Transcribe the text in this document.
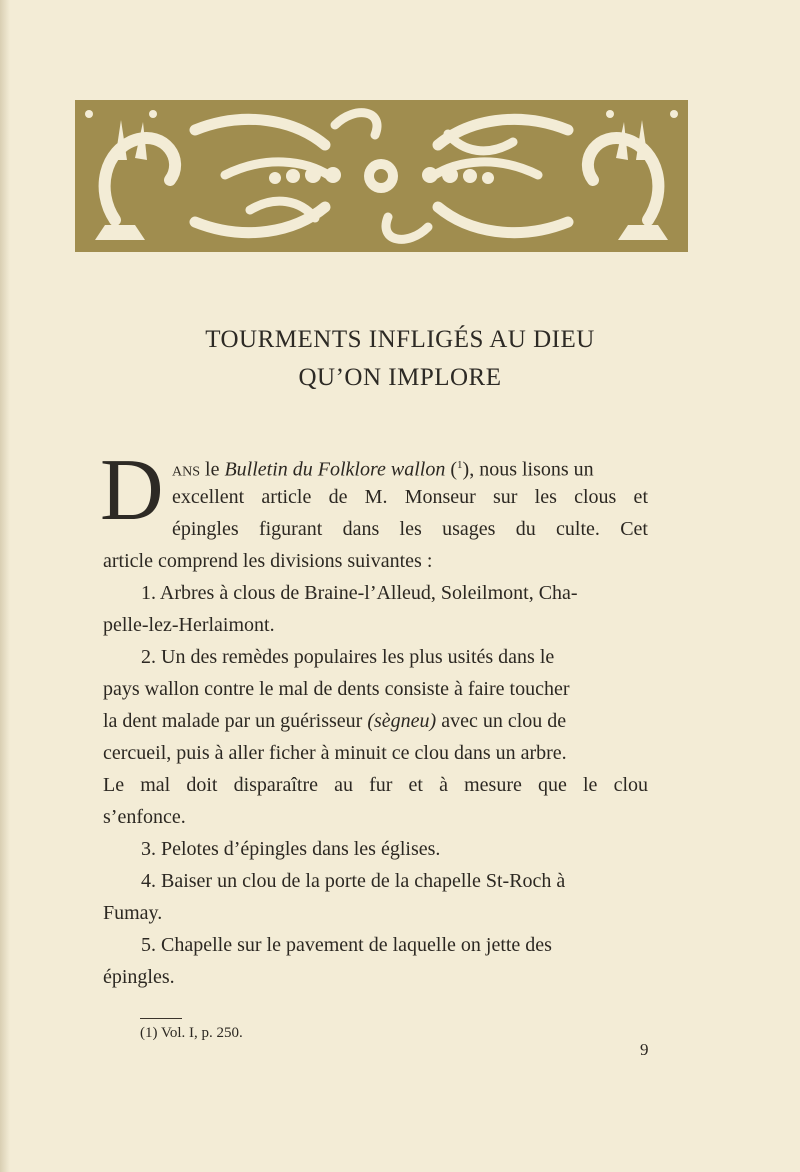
TOURMENTS INFLIGÉS AU DIEU
QU’ON IMPLORE
D ans le Bulletin du Folklore wallon ($^1$), nous lisons un
excellent article de M. Monseur sur les clous et
épingles figurant dans les usages du culte. Cet
article comprend les divisions suivantes :
1. Arbres à clous de Braine-l’Alleud, Soleilmont, Cha-
pelle-lez-Herlaimont.
2. Un des remèdes populaires les plus usités dans le
pays wallon contre le mal de dents consiste à faire toucher
la dent malade par un guérisseur (sègneu) avec un clou de
cercueil, puis à aller ficher à minuit ce clou dans un arbre.
Le mal doit disparaître au fur et à mesure que le clou
s’enfonce.
3. Pelotes d’épingles dans les églises.
4. Baiser un clou de la porte de la chapelle St-Roch à
Fumay.
5. Chapelle sur le pavement de laquelle on jette des
épingles.
(1) Vol. I, p. 250.
9
